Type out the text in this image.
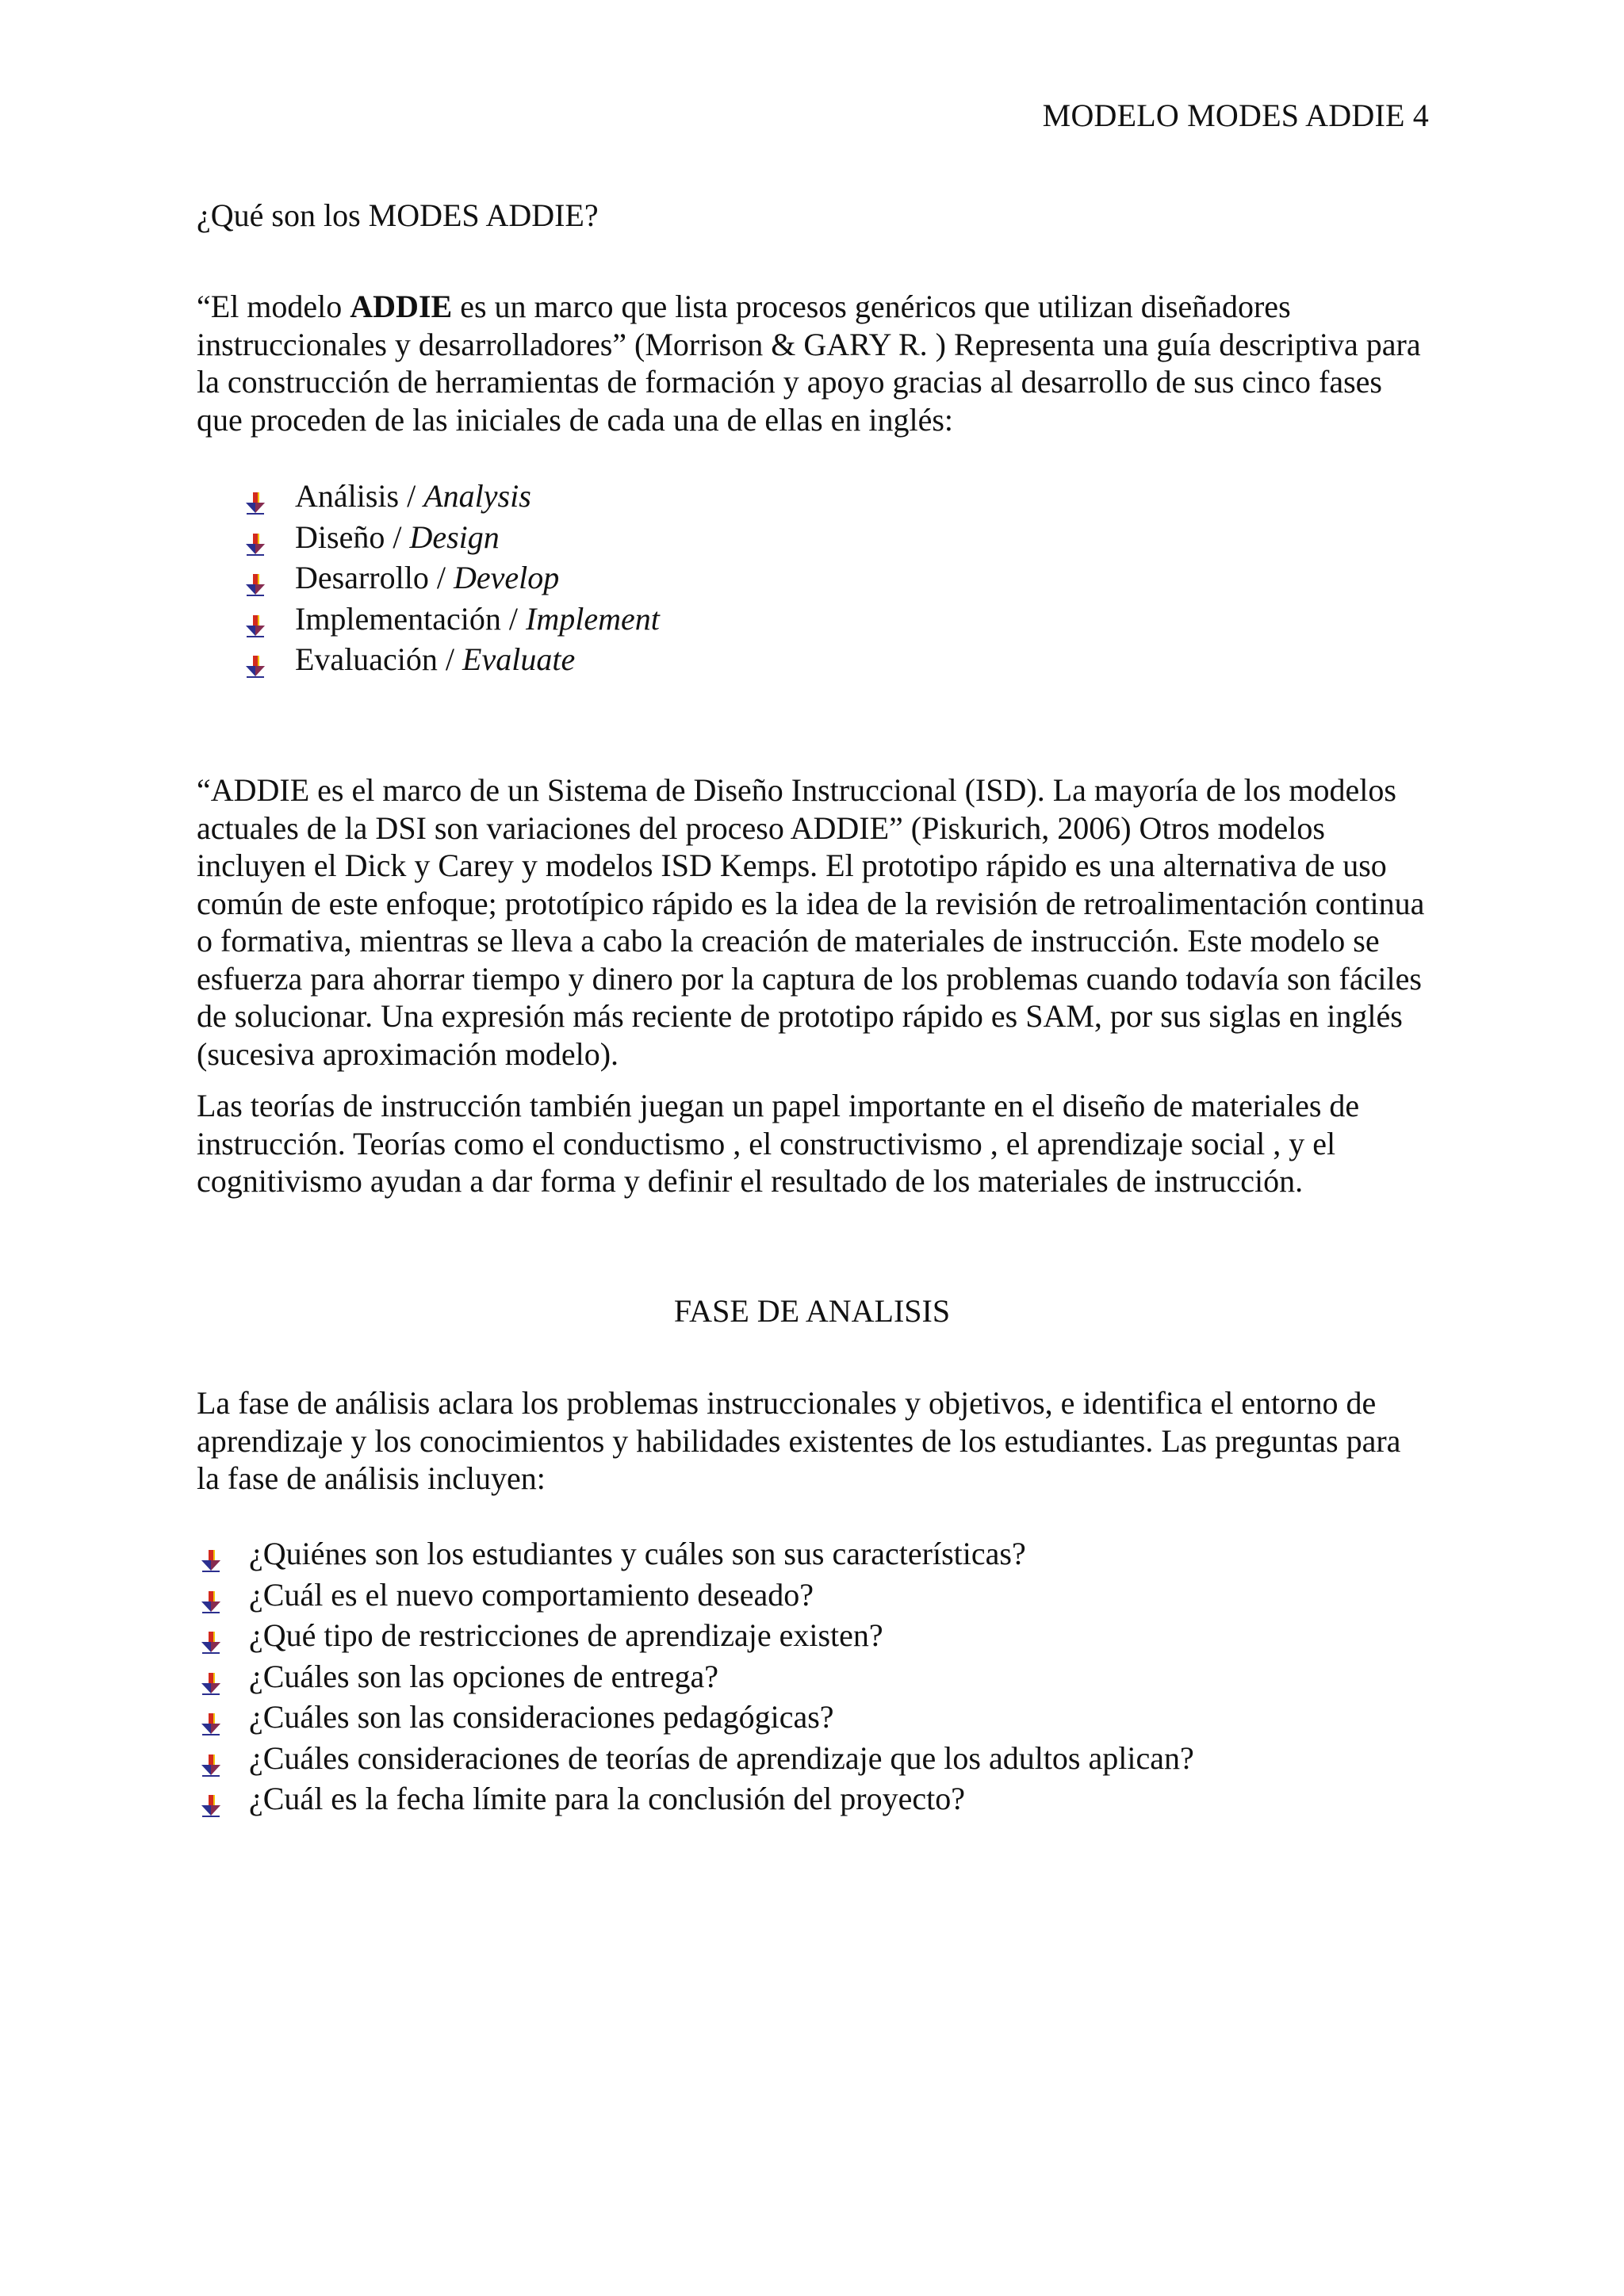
MODELO MODES ADDIE 4
¿Qué son los MODES ADDIE?

“El modelo ADDIE es un marco que lista procesos genéricos que utilizan diseñadores instruccionales y desarrolladores” (Morrison & GARY R. ) Representa una guía descriptiva para la construcción de herramientas de formación y apoyo gracias al desarrollo de sus cinco fases que proceden de las iniciales de cada una de ellas en inglés:

Análisis / Analysis
Diseño / Design
Desarrollo / Develop
Implementación / Implement
Evaluación / Evaluate

“ADDIE es el marco de un Sistema de Diseño Instruccional (ISD). La mayoría de los modelos actuales de la DSI son variaciones del proceso ADDIE” (Piskurich, 2006) Otros modelos incluyen el Dick y Carey y modelos ISD Kemps. El prototipo rápido es una alternativa de uso común de este enfoque; prototípico rápido es la idea de la revisión de retroalimentación continua o formativa, mientras se lleva a cabo la creación de materiales de instrucción. Este modelo se esfuerza para ahorrar tiempo y dinero por la captura de los problemas cuando todavía son fáciles de solucionar. Una expresión más reciente de prototipo rápido es SAM, por sus siglas en inglés (sucesiva aproximación modelo).

Las teorías de instrucción también juegan un papel importante en el diseño de materiales de instrucción. Teorías como el conductismo , el constructivismo , el aprendizaje social , y el cognitivismo ayudan a dar forma y definir el resultado de los materiales de instrucción.

FASE DE ANALISIS

La fase de análisis aclara los problemas instruccionales y objetivos, e identifica el entorno de aprendizaje y los conocimientos y habilidades existentes de los estudiantes. Las preguntas para la fase de análisis incluyen:

¿Quiénes son los estudiantes y cuáles son sus características?
¿Cuál es el nuevo comportamiento deseado?
¿Qué tipo de restricciones de aprendizaje existen?
¿Cuáles son las opciones de entrega?
¿Cuáles son las consideraciones pedagógicas?
¿Cuáles consideraciones de teorías de aprendizaje que los adultos aplican?
¿Cuál es la fecha límite para la conclusión del proyecto?
